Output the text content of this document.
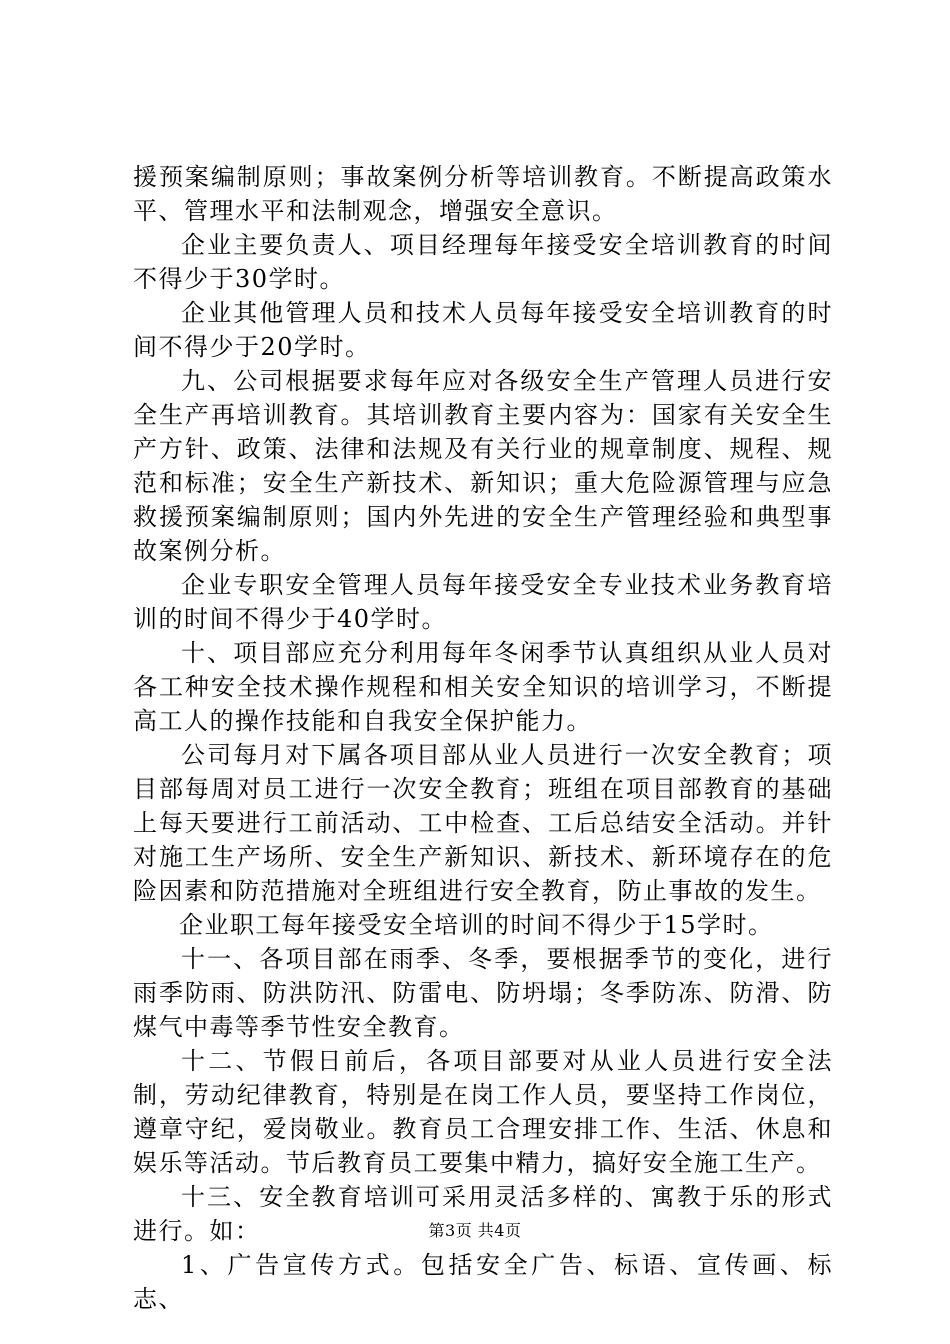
援预案编制原则；事故案例分析等培训教育。不断提高政策水平、管理水平和法制观念，增强安全意识。

企业主要负责人、项目经理每年接受安全培训教育的时间不得少于30学时。

企业其他管理人员和技术人员每年接受安全培训教育的时间不得少于20学时。

九、公司根据要求每年应对各级安全生产管理人员进行安全生产再培训教育。其培训教育主要内容为：国家有关安全生产方针、政策、法律和法规及有关行业的规章制度、规程、规范和标准；安全生产新技术、新知识；重大危险源管理与应急救援预案编制原则；国内外先进的安全生产管理经验和典型事故案例分析。

企业专职安全管理人员每年接受安全专业技术业务教育培训的时间不得少于40学时。

十、项目部应充分利用每年冬闲季节认真组织从业人员对各工种安全技术操作规程和相关安全知识的培训学习，不断提高工人的操作技能和自我安全保护能力。

公司每月对下属各项目部从业人员进行一次安全教育；项目部每周对员工进行一次安全教育；班组在项目部教育的基础上每天要进行工前活动、工中检查、工后总结安全活动。并针对施工生产场所、安全生产新知识、新技术、新环境存在的危险因素和防范措施对全班组进行安全教育，防止事故的发生。

企业职工每年接受安全培训的时间不得少于15学时。

十一、各项目部在雨季、冬季，要根据季节的变化，进行雨季防雨、防洪防汛、防雷电、防坍塌；冬季防冻、防滑、防煤气中毒等季节性安全教育。

十二、节假日前后，各项目部要对从业人员进行安全法制，劳动纪律教育，特别是在岗工作人员，要坚持工作岗位，遵章守纪，爱岗敬业。教育员工合理安排工作、生活、休息和娱乐等活动。节后教育员工要集中精力，搞好安全施工生产。

十三、安全教育培训可采用灵活多样的、寓教于乐的形式进行。如：

1、广告宣传方式。包括安全广告、标语、宣传画、标志、

第3页 共4页
